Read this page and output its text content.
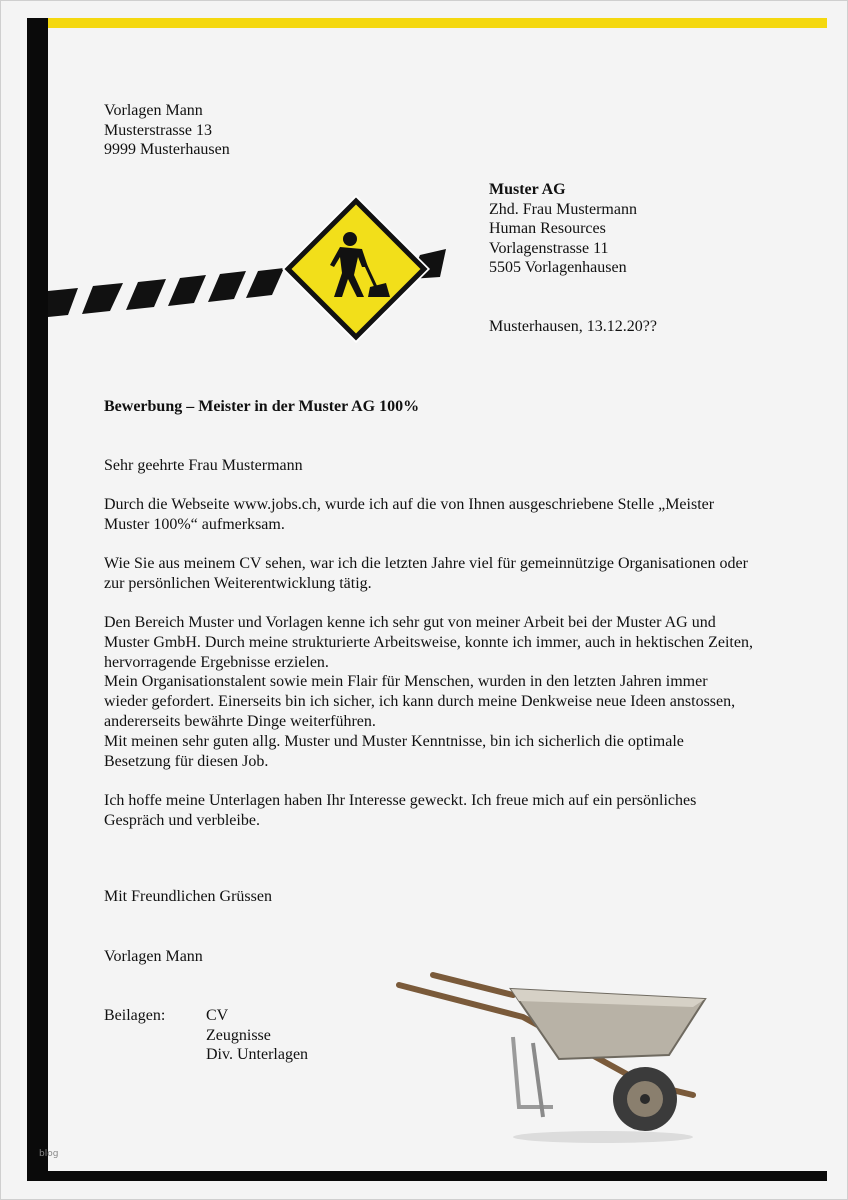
Vorlagen Mann
Musterstrasse 13
9999 Musterhausen
Muster AG
Zhd. Frau Mustermann
Human Resources
Vorlagenstrasse 11
5505 Vorlagenhausen
Musterhausen, 13.12.20??
Bewerbung – Meister in der Muster AG 100%
Sehr geehrte Frau Mustermann
Durch die Webseite www.jobs.ch, wurde ich auf die von Ihnen ausgeschriebene Stelle „Meister Muster 100%“ aufmerksam.
Wie Sie aus meinem CV sehen, war ich die letzten Jahre viel für gemeinnützige Organisationen oder zur persönlichen Weiterentwicklung tätig.
Den Bereich Muster und Vorlagen kenne ich sehr gut von meiner Arbeit bei der Muster AG und Muster GmbH. Durch meine strukturierte Arbeitsweise, konnte ich immer, auch in hektischen Zeiten, hervorragende Ergebnisse erzielen.
Mein Organisationstalent sowie mein Flair für Menschen, wurden in den letzten Jahren immer wieder gefordert. Einerseits bin ich sicher, ich kann durch meine Denkweise neue Ideen anstossen, andererseits bewährte Dinge weiterführen.
Mit meinen sehr guten allg. Muster und Muster Kenntnisse, bin ich sicherlich die optimale Besetzung für diesen Job.
Ich hoffe meine Unterlagen haben Ihr Interesse geweckt. Ich freue mich auf ein persönliches Gespräch und verbleibe.
Mit Freundlichen Grüssen
Vorlagen Mann
Beilagen:	CV
Zeugnisse
Div. Unterlagen
blog
